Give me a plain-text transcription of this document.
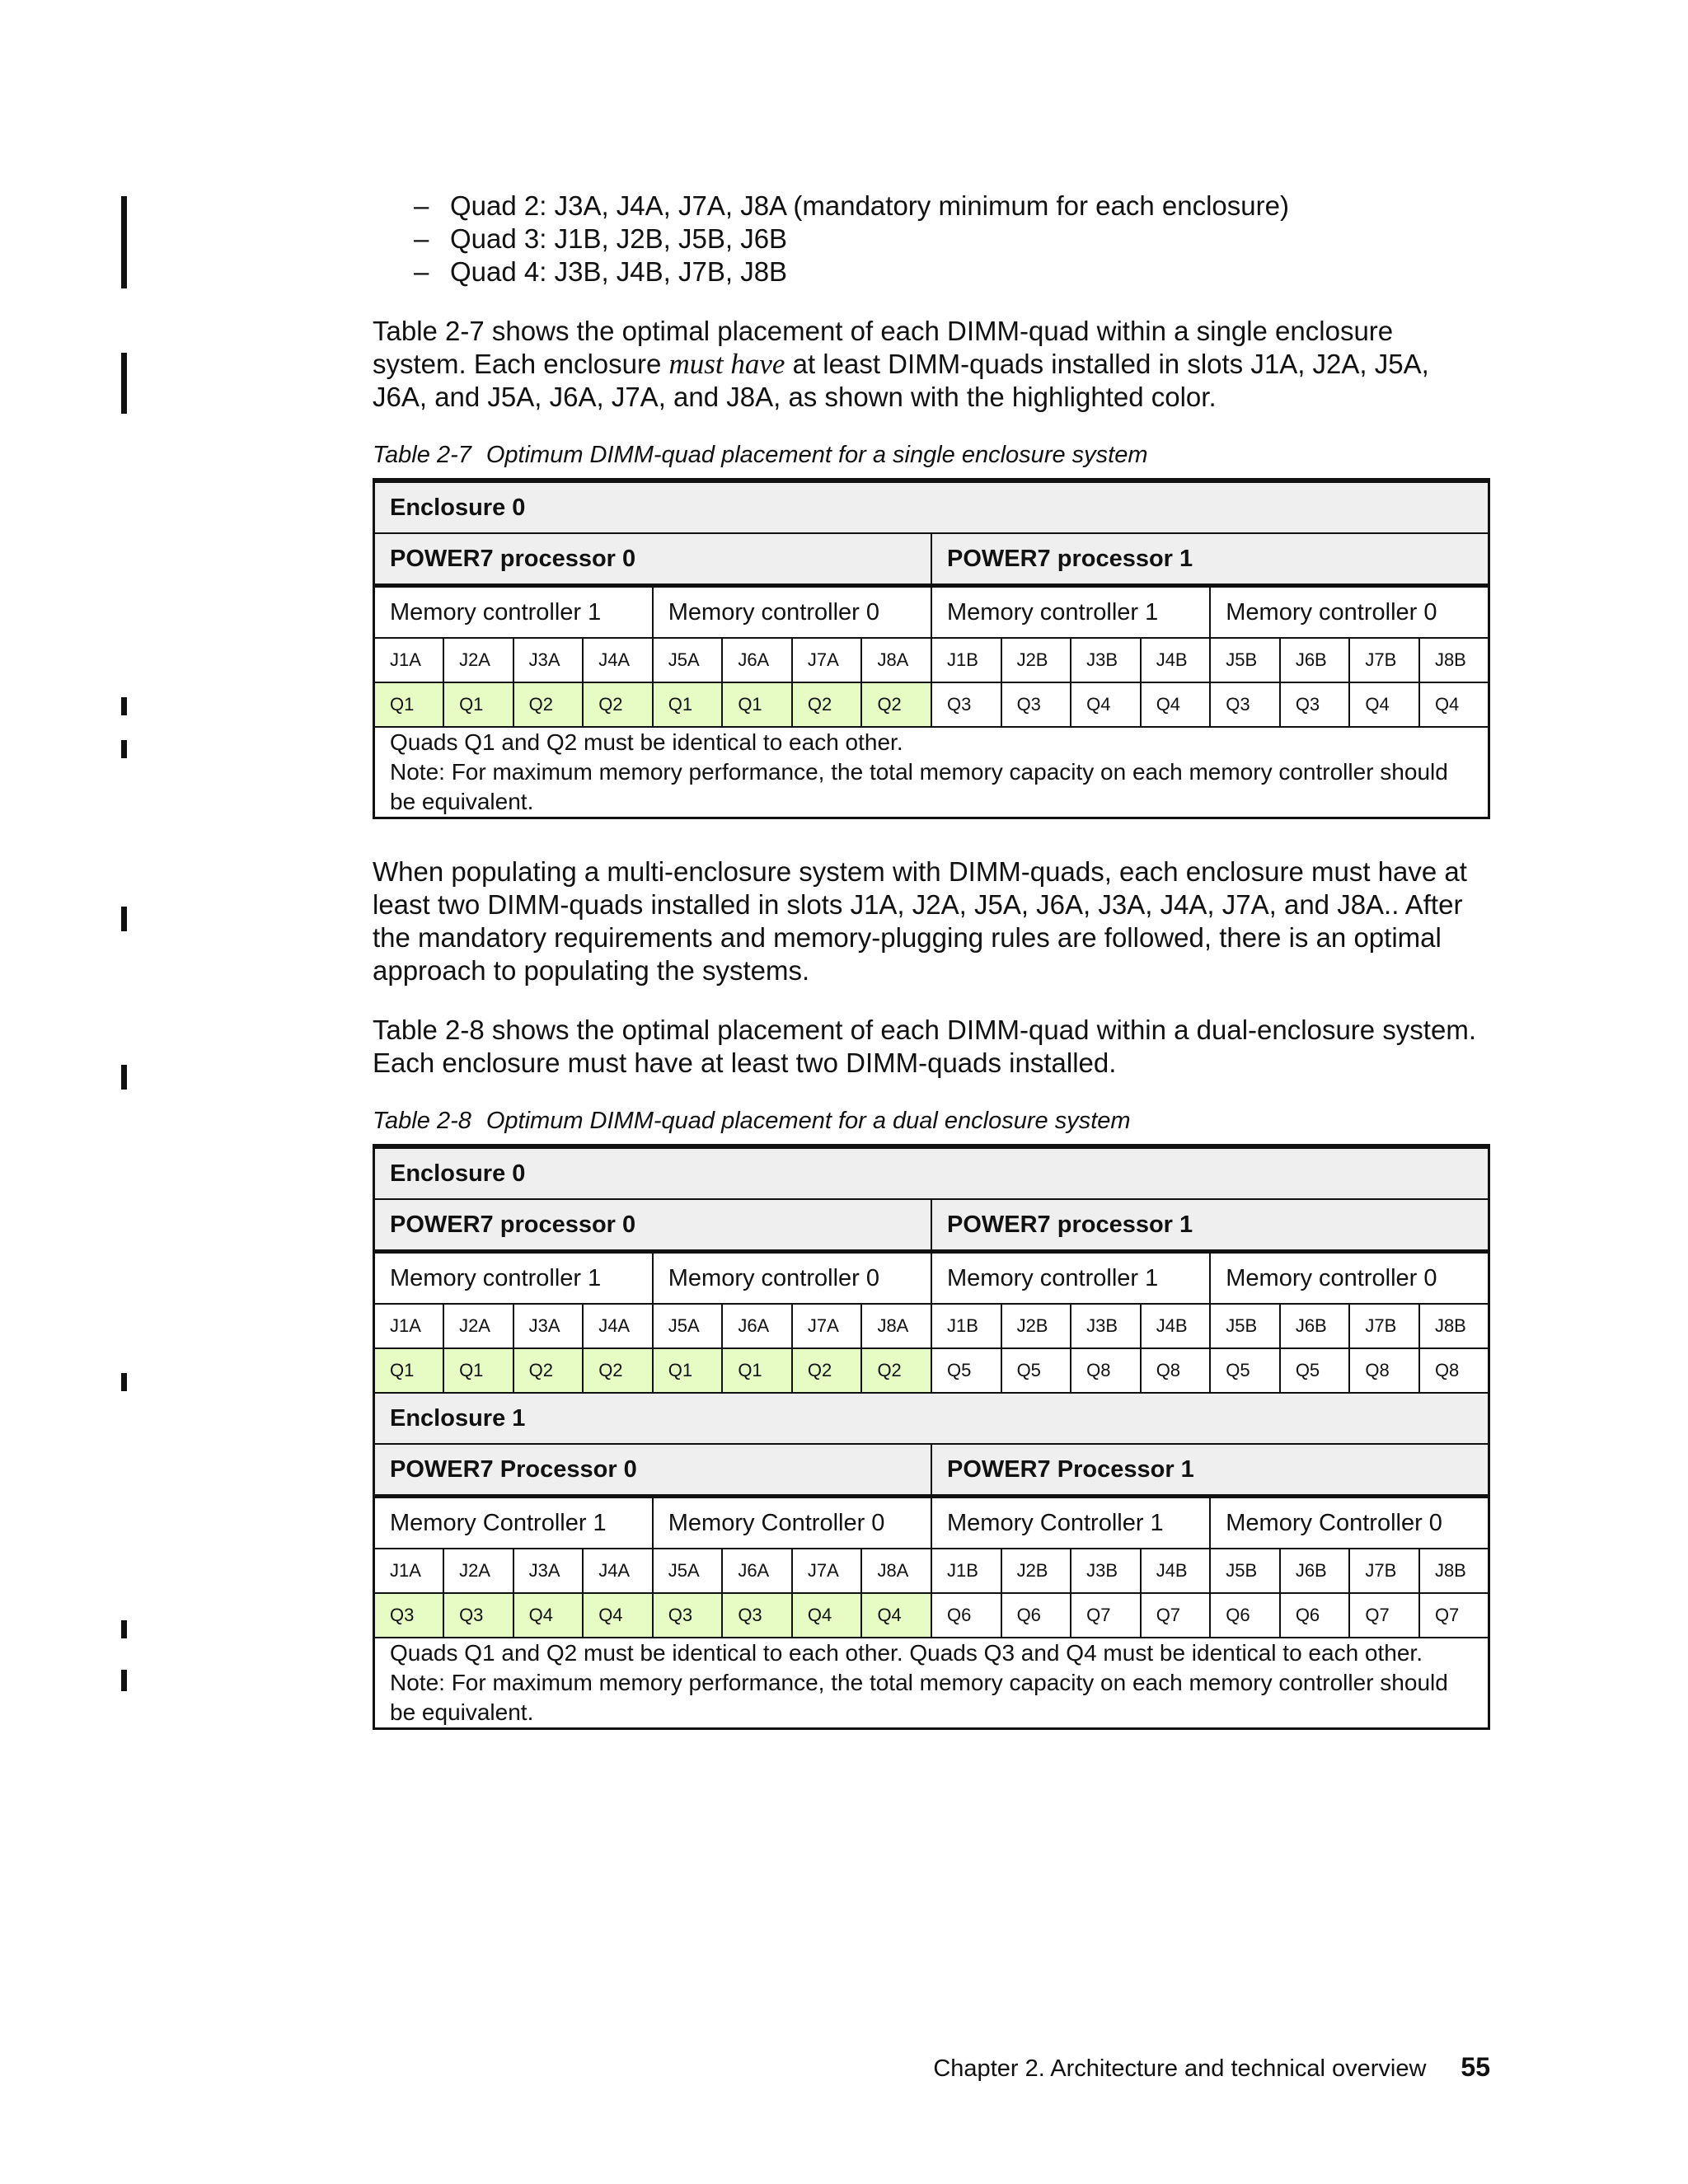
– Quad 2: J3A, J4A, J7A, J8A (mandatory minimum for each enclosure)
– Quad 3: J1B, J2B, J5B, J6B
– Quad 4: J3B, J4B, J7B, J8B

Table 2-7 shows the optimal placement of each DIMM-quad within a single enclosure system. Each enclosure must have at least DIMM-quads installed in slots J1A, J2A, J5A, J6A, and J5A, J6A, J7A, and J8A, as shown with the highlighted color.

Table 2-7 Optimum DIMM-quad placement for a single enclosure system

Enclosure 0															
POWER7 processor 0								POWER7 processor 1							
Memory controller 1				Memory controller 0				Memory controller 1				Memory controller 0			
J1A	J2A	J3A	J4A	J5A	J6A	J7A	J8A	J1B	J2B	J3B	J4B	J5B	J6B	J7B	J8B
Q1	Q1	Q2	Q2	Q1	Q1	Q2	Q2	Q3	Q3	Q4	Q4	Q3	Q3	Q4	Q4

Quads Q1 and Q2 must be identical to each other.
Note: For maximum memory performance, the total memory capacity on each memory controller should be equivalent.															

When populating a multi-enclosure system with DIMM-quads, each enclosure must have at least two DIMM-quads installed in slots J1A, J2A, J5A, J6A, J3A, J4A, J7A, and J8A.. After the mandatory requirements and memory-plugging rules are followed, there is an optimal approach to populating the systems.

Table 2-8 shows the optimal placement of each DIMM-quad within a dual-enclosure system. Each enclosure must have at least two DIMM-quads installed.

Table 2-8 Optimum DIMM-quad placement for a dual enclosure system

Enclosure 0															
POWER7 processor 0								POWER7 processor 1							
Memory controller 1				Memory controller 0				Memory controller 1				Memory controller 0			
J1A	J2A	J3A	J4A	J5A	J6A	J7A	J8A	J1B	J2B	J3B	J4B	J5B	J6B	J7B	J8B
Q1	Q1	Q2	Q2	Q1	Q1	Q2	Q2	Q5	Q5	Q8	Q8	Q5	Q5	Q8	Q8
Enclosure 1															
POWER7 Processor 0								POWER7 Processor 1							
Memory Controller 1				Memory Controller 0				Memory Controller 1				Memory Controller 0			
J1A	J2A	J3A	J4A	J5A	J6A	J7A	J8A	J1B	J2B	J3B	J4B	J5B	J6B	J7B	J8B
Q3	Q3	Q4	Q4	Q3	Q3	Q4	Q4	Q6	Q6	Q7	Q7	Q6	Q6	Q7	Q7

Quads Q1 and Q2 must be identical to each other. Quads Q3 and Q4 must be identical to each other.
Note: For maximum memory performance, the total memory capacity on each memory controller should be equivalent.															
Chapter 2. Architecture and technical overview 55
